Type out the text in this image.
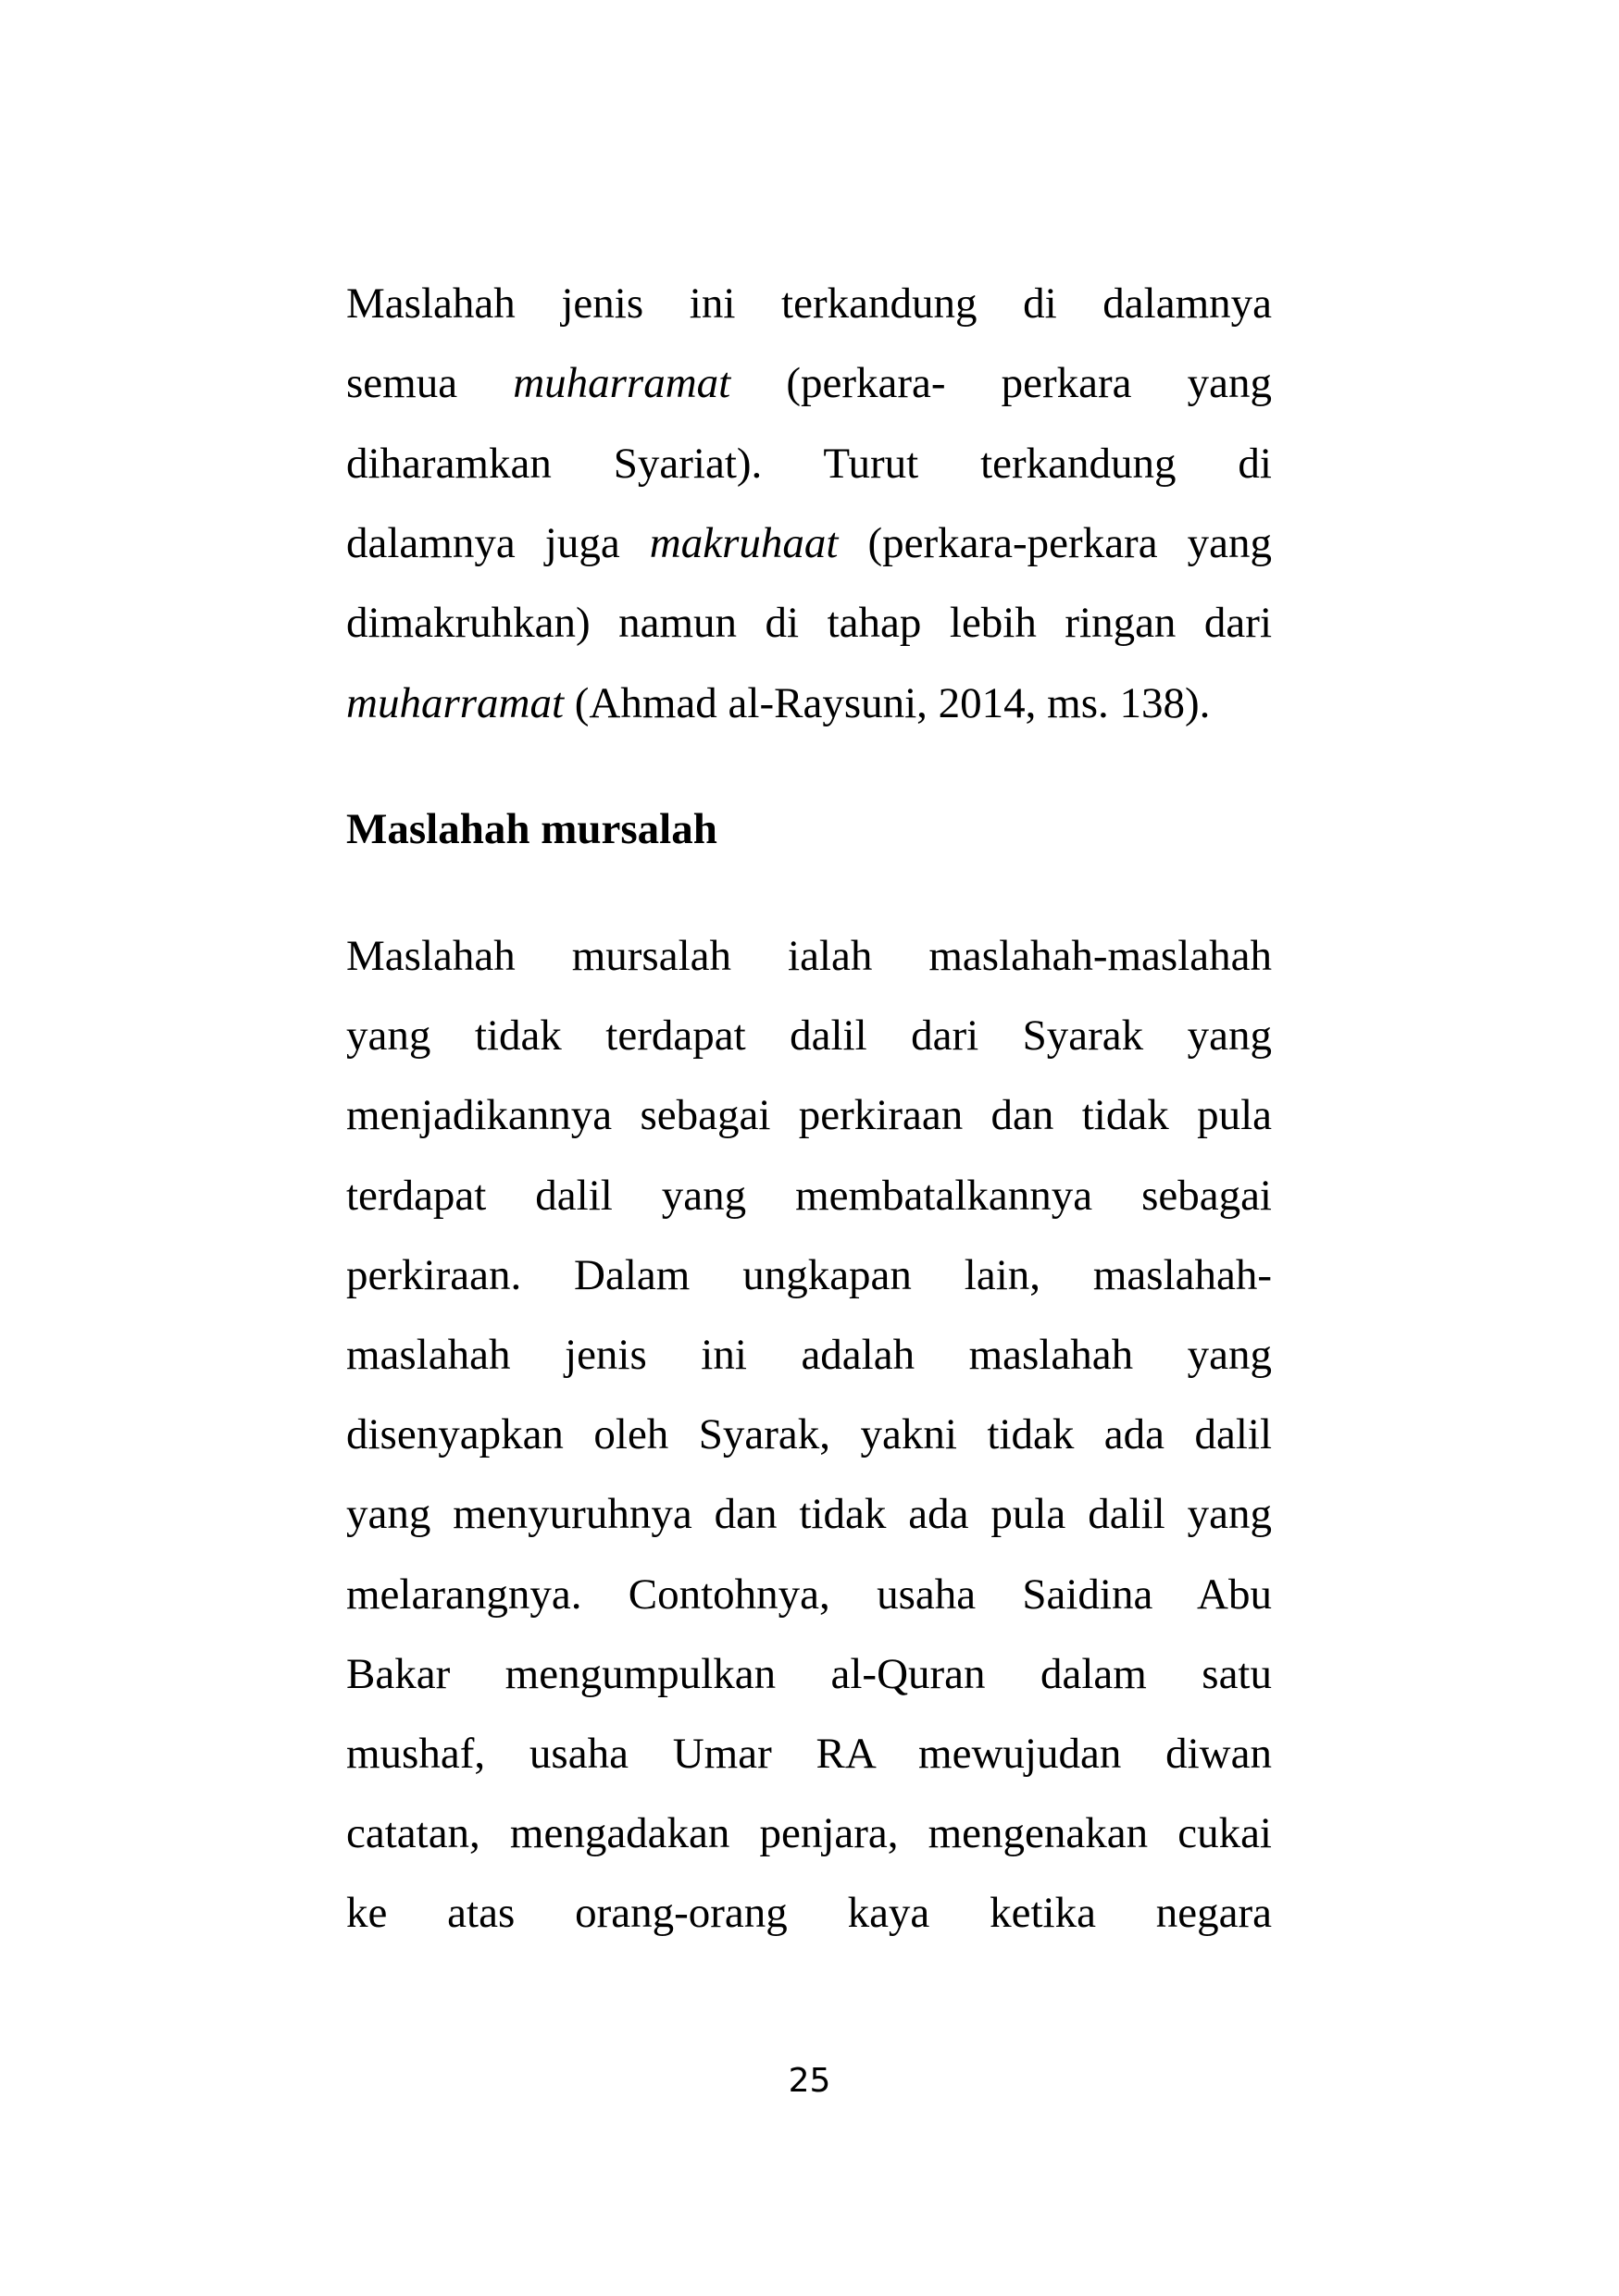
Maslahah jenis ini terkandung di dalamnya
semua muharramat (perkara- perkara yang
diharamkan Syariat). Turut terkandung di
dalamnya juga makruhaat (perkara-perkara yang
dimakruhkan) namun di tahap lebih ringan dari
muharramat (Ahmad al-Raysuni, 2014, ms. 138).
Maslahah mursalah
Maslahah mursalah ialah maslahah-maslahah
yang tidak terdapat dalil dari Syarak yang
menjadikannya sebagai perkiraan dan tidak pula
terdapat dalil yang membatalkannya sebagai
perkiraan. Dalam ungkapan lain, maslahah-
maslahah jenis ini adalah maslahah yang
disenyapkan oleh Syarak, yakni tidak ada dalil
yang menyuruhnya dan tidak ada pula dalil yang
melarangnya. Contohnya, usaha Saidina Abu
Bakar mengumpulkan al-Quran dalam satu
mushaf, usaha Umar RA mewujudan diwan
catatan, mengadakan penjara, mengenakan cukai
ke atas orang-orang kaya ketika negara
25
